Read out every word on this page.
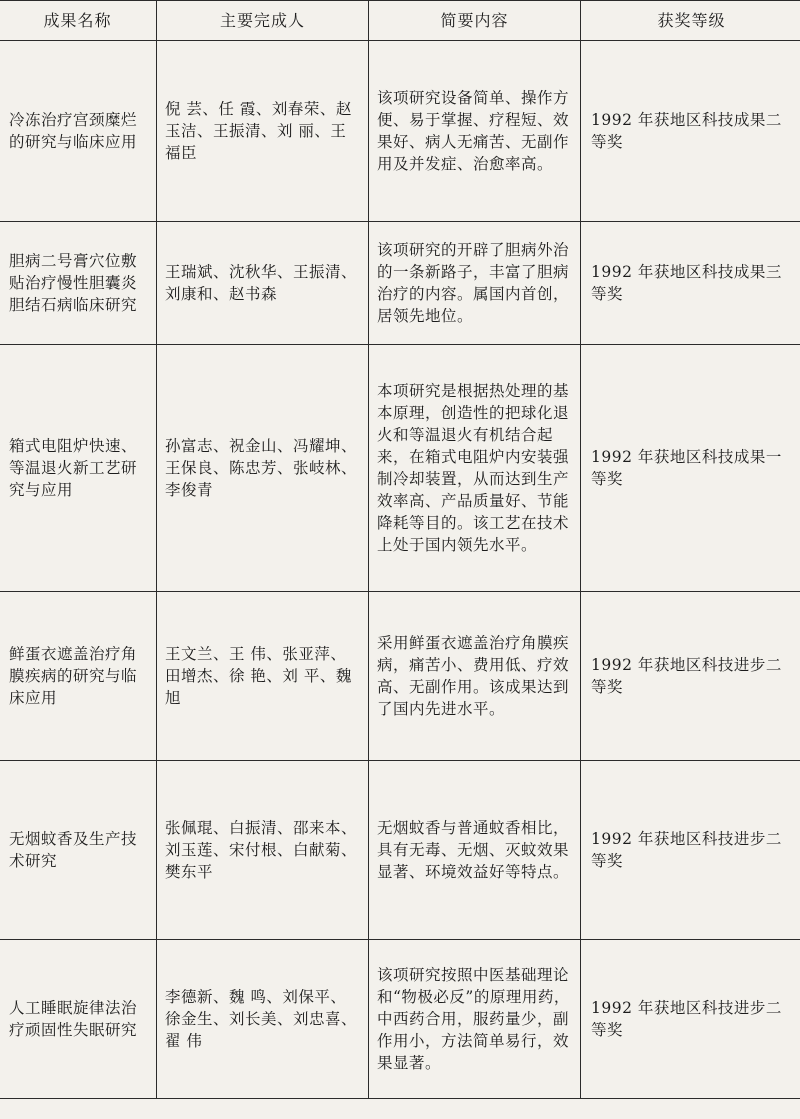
成果名称	主要完成人	简要内容	获奖等级
冷冻治疗宫颈糜烂的研究与临床应用	倪 芸、任 霞、刘春荣、赵玉洁、王振清、刘 丽、王福臣	该项研究设备简单、操作方便、易于掌握、疗程短、效果好、病人无痛苦、无副作用及并发症、治愈率高。	1992 年获地区科技成果二等奖
胆病二号膏穴位敷贴治疗慢性胆囊炎胆结石病临床研究	王瑞斌、沈秋华、王振清、刘康和、赵书森	该项研究的开辟了胆病外治的一条新路子，丰富了胆病治疗的内容。属国内首创，居领先地位。	1992 年获地区科技成果三等奖
箱式电阻炉快速、等温退火新工艺研究与应用	孙富志、祝金山、冯耀坤、王保良、陈忠芳、张岐林、李俊青	本项研究是根据热处理的基本原理，创造性的把球化退火和等温退火有机结合起来，在箱式电阻炉内安装强制冷却装置，从而达到生产效率高、产品质量好、节能降耗等目的。该工艺在技术上处于国内领先水平。	1992 年获地区科技成果一等奖
鲜蛋衣遮盖治疗角膜疾病的研究与临床应用	王文兰、王 伟、张亚萍、田增杰、徐 艳、刘 平、魏 旭	采用鲜蛋衣遮盖治疗角膜疾病，痛苦小、费用低、疗效高、无副作用。该成果达到了国内先进水平。	1992 年获地区科技进步二等奖
无烟蚊香及生产技术研究	张佩琨、白振清、邵来本、刘玉莲、宋付根、白献菊、樊东平	无烟蚊香与普通蚊香相比，具有无毒、无烟、灭蚊效果显著、环境效益好等特点。	1992 年获地区科技进步二等奖
人工睡眠旋律法治疗顽固性失眠研究	李德新、魏 鸣、刘保平、徐金生、刘长美、刘忠喜、翟 伟	该项研究按照中医基础理论和“物极必反”的原理用药，中西药合用，服药量少，副作用小，方法简单易行，效果显著。	1992 年获地区科技进步二等奖
